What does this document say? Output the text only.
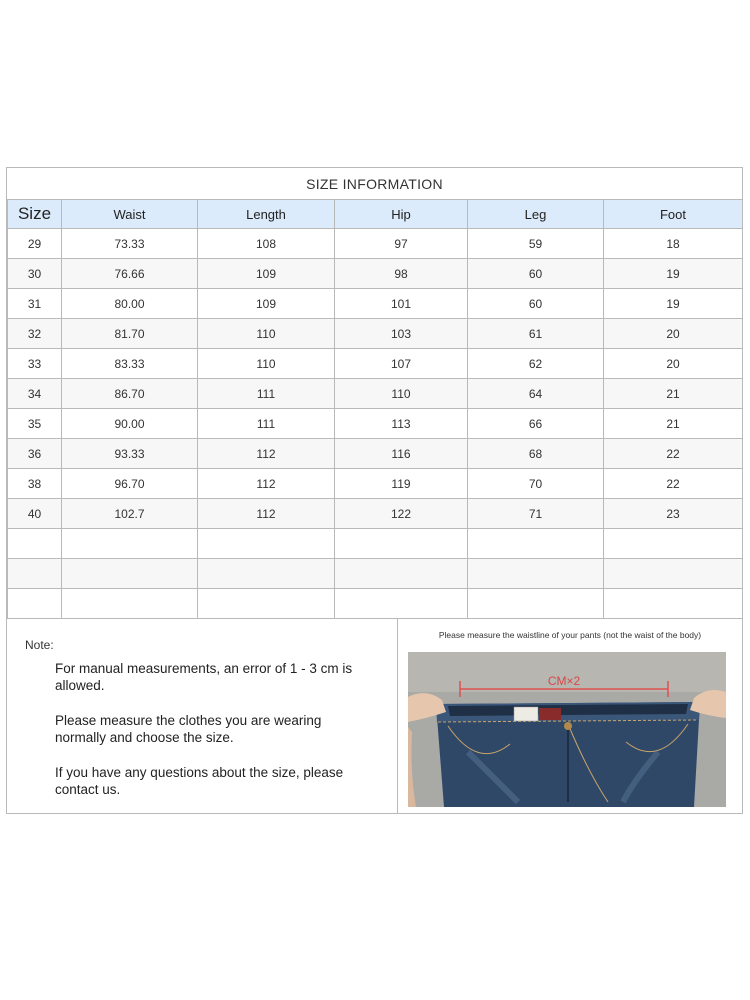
SIZE INFORMATION
Size	Waist	Length	Hip	Leg	Foot
29	73.33	108	97	59	18
30	76.66	109	98	60	19
31	80.00	109	101	60	19
32	81.70	110	103	61	20
33	83.33	110	107	62	20
34	86.70	111	110	64	21
35	90.00	111	113	66	21
36	93.33	112	116	68	22
38	96.70	112	119	70	22
40	102.7	112	122	71	23

Note:

For manual measurements, an error of 1 - 3 cm is allowed.

Please measure the clothes you are wearing normally and choose the size.

If you have any questions about the size, please contact us.

Please measure the waistline of your pants (not the waist of the body)
CM×2
